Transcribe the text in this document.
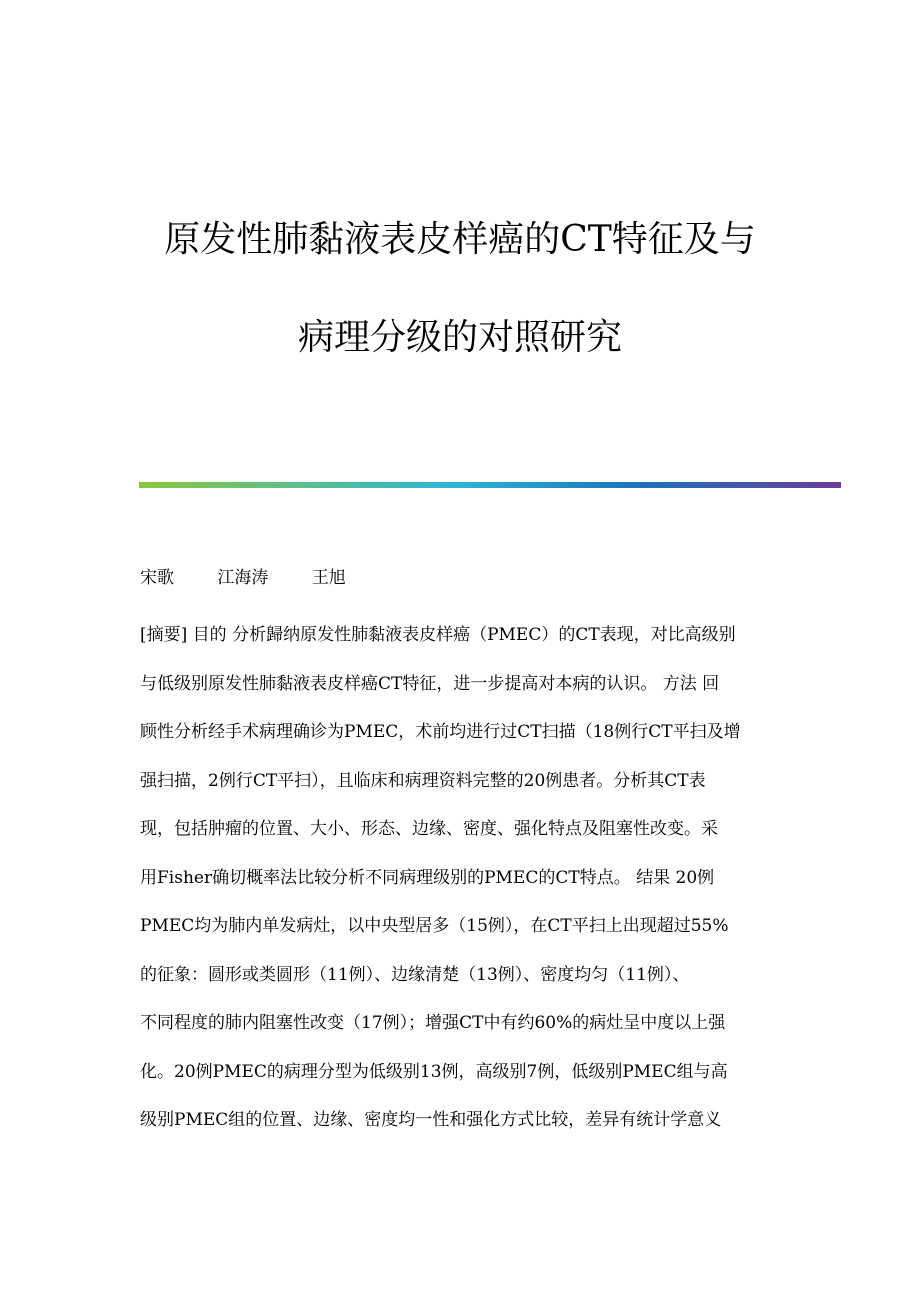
原发性肺黏液表皮样癌的CT特征及与
病理分级的对照研究
宋歌	江海涛	王旭
[摘要] 目的 分析歸纳原发性肺黏液表皮样癌（PMEC）的CT表现，对比高级别
与低级别原发性肺黏液表皮样癌CT特征，进一步提高对本病的认识。 方法 回
顾性分析经手术病理确诊为PMEC，术前均进行过CT扫描（18例行CT平扫及增
强扫描，2例行CT平扫），且临床和病理资料完整的20例患者。分析其CT表
现，包括肿瘤的位置、大小、形态、边缘、密度、强化特点及阻塞性改变。采
用Fisher确切概率法比较分析不同病理级别的PMEC的CT特点。 结果 20例
PMEC均为肺内单发病灶，以中央型居多（15例），在CT平扫上出现超过55%
的征象：圆形或类圆形（11例）、边缘清楚（13例）、密度均匀（11例）、
不同程度的肺内阻塞性改变（17例）；增强CT中有约60%的病灶呈中度以上强
化。20例PMEC的病理分型为低级别13例，高级别7例，低级别PMEC组与高
级别PMEC组的位置、边缘、密度均一性和强化方式比较，差异有统计学意义
